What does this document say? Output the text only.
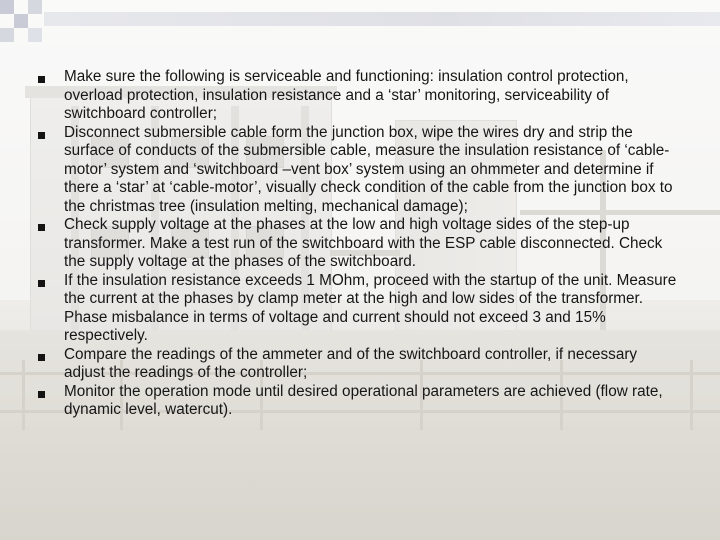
Make sure the following is serviceable and functioning: insulation control protection, overload protection, insulation resistance and a ‘star’ monitoring, serviceability of switchboard controller;
Disconnect submersible cable form the junction box, wipe the wires dry and strip the surface of conducts of the submersible cable, measure the insulation resistance of ‘cable-motor’ system and ‘switchboard –vent box’ system using an ohmmeter and determine if there a ‘star’ at ‘cable-motor’, visually check condition of the cable from the junction box to the christmas tree (insulation melting, mechanical damage);
Check supply voltage at the phases at the low and high voltage sides of the step-up transformer. Make a test run of the switchboard with the ESP cable disconnected. Check the supply voltage at the phases of the switchboard.
If the insulation resistance exceeds 1 MOhm, proceed with the startup of the unit. Measure the current at the phases by clamp meter at the high and low sides of the transformer. Phase misbalance in terms of voltage and current should not exceed 3 and 15% respectively.
Compare the readings of the ammeter and of the switchboard controller, if necessary adjust the readings of the controller;
Monitor the operation mode until desired operational parameters are achieved (flow rate, dynamic level, watercut).
